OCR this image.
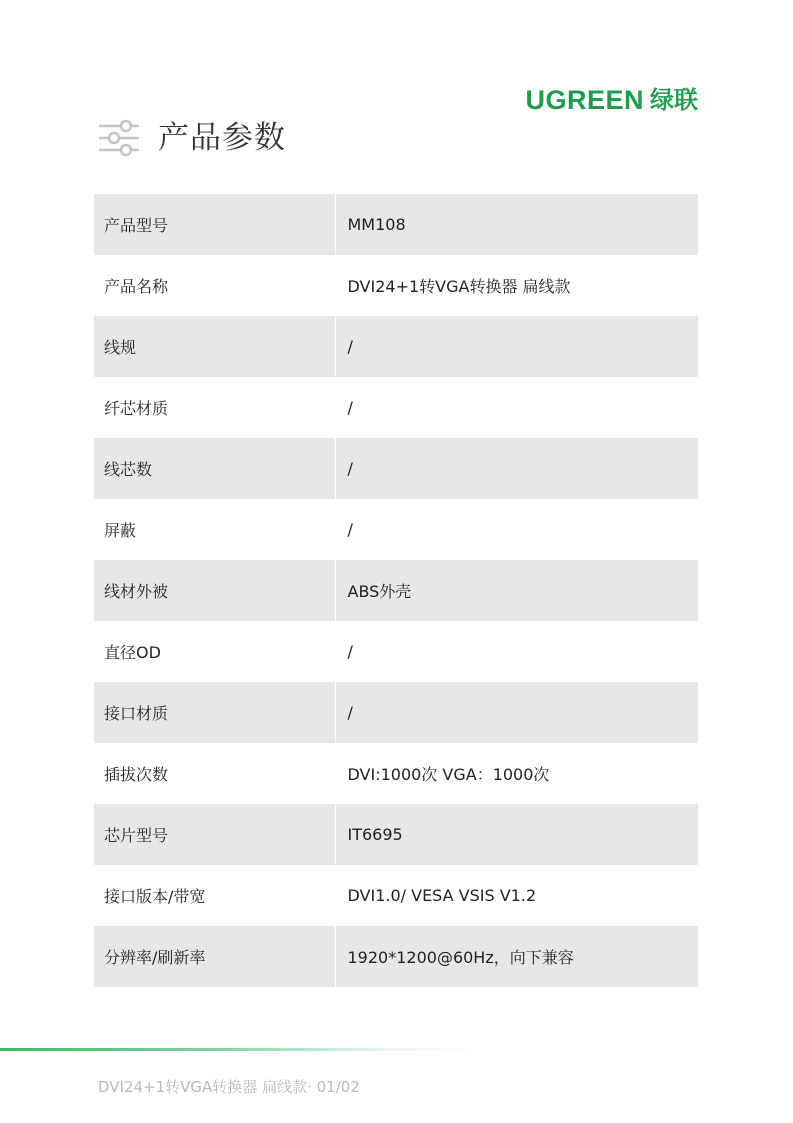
UGREEN 绿联
产品参数
产品型号	MM108
产品名称	DVI24+1转VGA转换器 扁线款
线规	/
纤芯材质	/
线芯数	/
屏蔽	/
线材外被	ABS外壳
直径OD	/
接口材质	/
插拔次数	DVI:1000次 VGA：1000次
芯片型号	IT6695
接口版本/带宽	DVI1.0/ VESA VSIS V1.2
分辨率/刷新率	1920*1200@60Hz，向下兼容
DVI24+1转VGA转换器 扁线款· 01/02
